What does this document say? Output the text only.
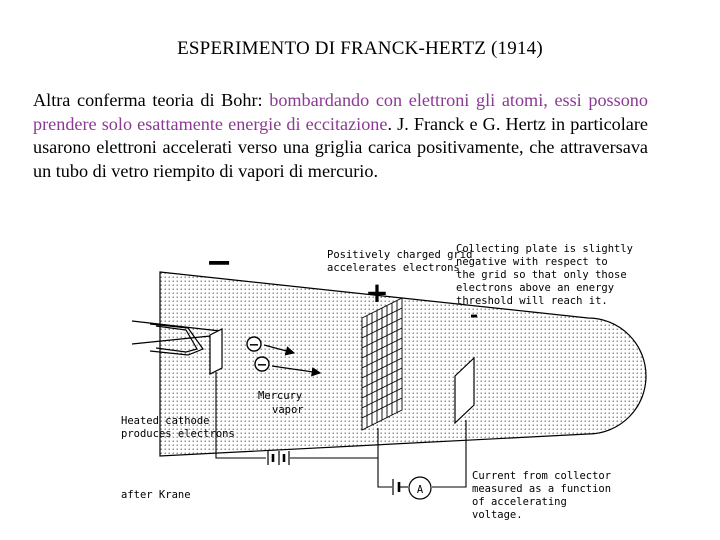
ESPERIMENTO DI FRANCK-HERTZ (1914)

Altra conferma teoria di Bohr: bombardando con elettroni gli atomi, essi possono prendere solo esattamente energie di eccitazione. J. Franck e G. Hertz in particolare usarono elettroni accelerati verso una griglia carica positivamente, che attraversava un tubo di vetro riempito di vapori di mercurio.

−
−
A
−
+
-
Positively charged grid accelerates electrons
Collecting plate is slightly negative with respect to the grid so that only those electrons above an energy threshold will reach it.
Mercury vapor
Heated cathode produces electrons
after Krane
Current from collector measured as a function of accelerating voltage.
